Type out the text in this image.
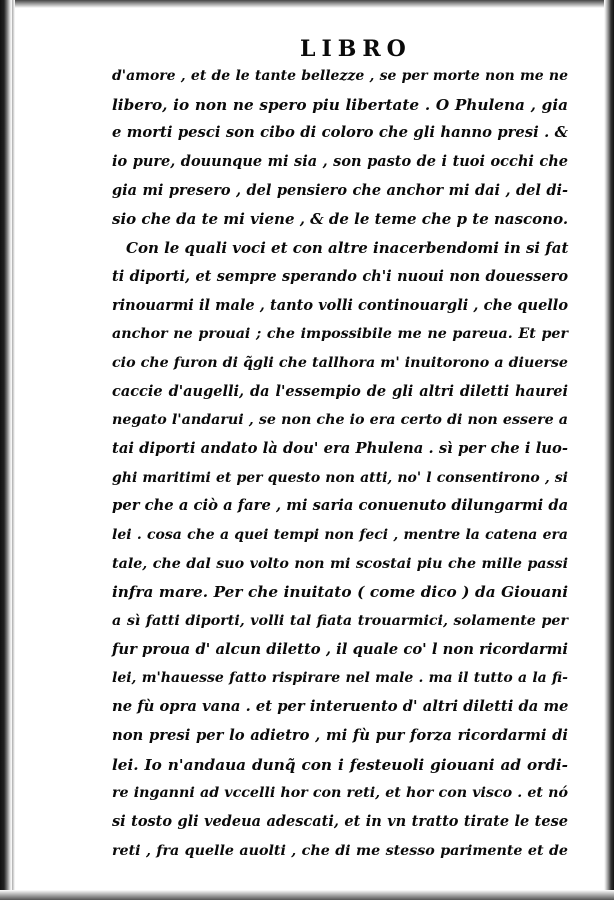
LIBRO
d'amore , et de le tante bellezze , se per morte non me ne
libero, io non ne spero piu libertate . O Phulena , gia
e morti pesci son cibo di coloro che gli hanno presi . &
io pure, douunque mi sia , son pasto de i tuoi occhi che
gia mi presero , del pensiero che anchor mi dai , del di-
sio che da te mi viene , & de le teme che p te nascono.
Con le quali voci et con altre inacerbendomi in si fat
ti diporti, et sempre sperando ch'i nuoui non douessero
rinouarmi il male , tanto volli continouargli , che quello
anchor ne prouai ; che impossibile me ne pareua. Et per
cio che furon di q̃gli che tallhora m' inuitorono a diuerse
caccie d'augelli, da l'essempio de gli altri diletti haurei
negato l'andarui , se non che io era certo di non essere a
tai diporti andato là dou' era Phulena . sì per che i luo-
ghi maritimi et per questo non atti, no' l consentirono , si
per che a ciò a fare , mi saria conuenuto dilungarmi da
lei . cosa che a quei tempi non feci , mentre la catena era
tale, che dal suo volto non mi scostai piu che mille passi
infra mare. Per che inuitato ( come dico ) da Giouani
a sì fatti diporti, volli tal fiata trouarmici, solamente per
fur proua d' alcun diletto , il quale co' l non ricordarmi
lei, m'hauesse fatto rispirare nel male . ma il tutto a la fi-
ne fù opra vana . et per interuento d' altri diletti da me
non presi per lo adietro , mi fù pur forza ricordarmi di
lei. Io n'andaua dunq̃ con i festeuoli giouani ad ordi-
re inganni ad vccelli hor con reti, et hor con visco . et nó
si tosto gli vedeua adescati, et in vn tratto tirate le tese
reti , fra quelle auolti , che di me stesso parimente et de
